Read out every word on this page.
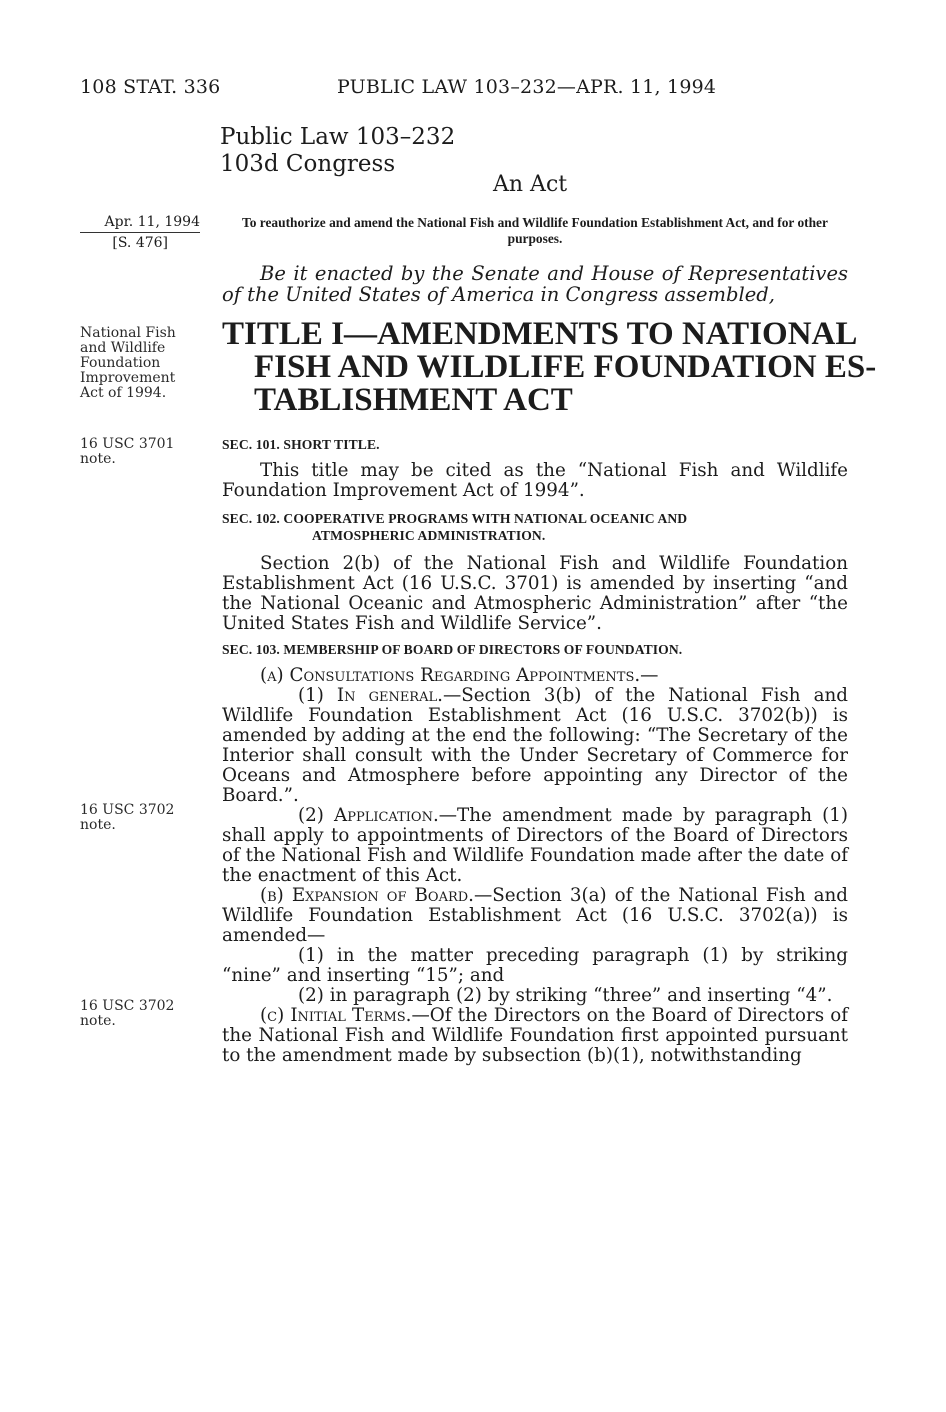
108 STAT. 336	PUBLIC LAW 103–232—APR. 11, 1994
Public Law 103–232
103d Congress
An Act
Apr. 11, 1994
[S. 476]
To reauthorize and amend the National Fish and Wildlife Foundation Establishment Act, and for other purposes.
Be it enacted by the Senate and House of Representatives of the United States of America in Congress assembled,
National Fish
and Wildlife
Foundation
Improvement
Act of 1994.
TITLE I—AMENDMENTS TO NATIONAL
FISH AND WILDLIFE FOUNDATION ES-
TABLISHMENT ACT
16 USC 3701
note.
SEC. 101. SHORT TITLE.
This title may be cited as the “National Fish and Wildlife Foundation Improvement Act of 1994”.
SEC. 102. COOPERATIVE PROGRAMS WITH NATIONAL OCEANIC AND
ATMOSPHERIC ADMINISTRATION.
Section 2(b) of the National Fish and Wildlife Foundation Establishment Act (16 U.S.C. 3701) is amended by inserting “and the National Oceanic and Atmospheric Administration” after “the United States Fish and Wildlife Service”.
SEC. 103. MEMBERSHIP OF BOARD OF DIRECTORS OF FOUNDATION.
(a) Consultations Regarding Appointments.—
(1) In general.—Section 3(b) of the National Fish and Wildlife Foundation Establishment Act (16 U.S.C. 3702(b)) is amended by adding at the end the following: “The Secretary of the Interior shall consult with the Under Secretary of Commerce for Oceans and Atmosphere before appointing any Director of the Board.”.
(2) Application.—The amendment made by paragraph (1) shall apply to appointments of Directors of the Board of Directors of the National Fish and Wildlife Foundation made after the date of the enactment of this Act.
(b) Expansion of Board.—Section 3(a) of the National Fish and Wildlife Foundation Establishment Act (16 U.S.C. 3702(a)) is amended—
(1) in the matter preceding paragraph (1) by striking “nine” and inserting “15”; and
(2) in paragraph (2) by striking “three” and inserting “4”.
(c) Initial Terms.—Of the Directors on the Board of Directors of the National Fish and Wildlife Foundation first appointed pursuant to the amendment made by subsection (b)(1), notwithstanding
16 USC 3702
note.
16 USC 3702
note.
